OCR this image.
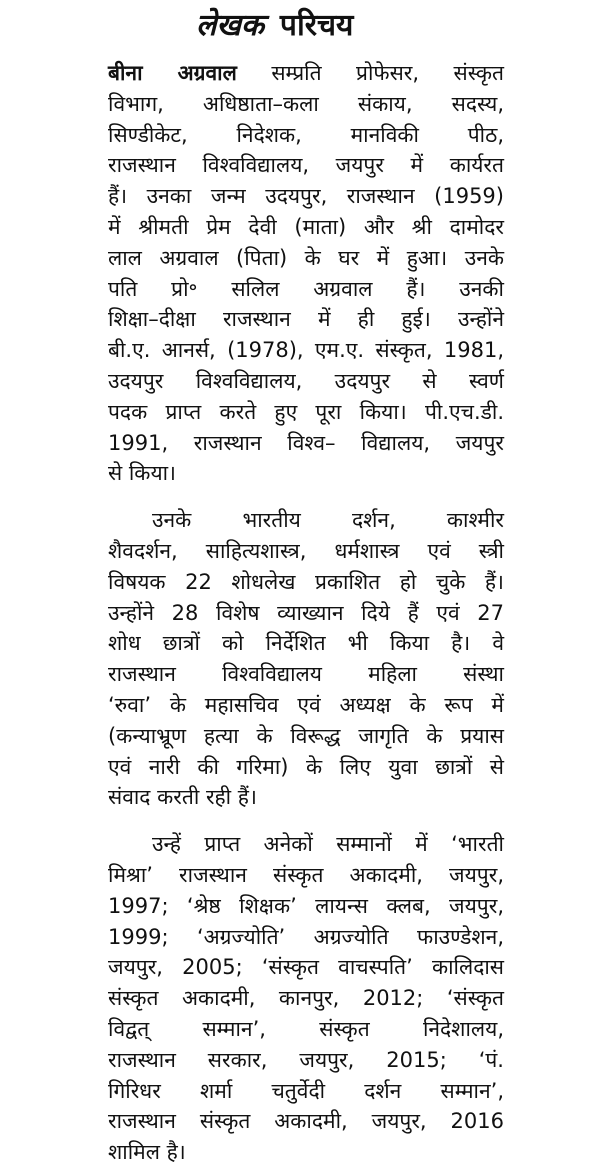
लेखक परिचय
बीना अग्रवाल सम्प्रति प्रोफेसर, संस्कृत
विभाग, अधिष्ठाता–कला संकाय, सदस्य,
सिण्डीकेट, निदेशक, मानविकी पीठ,
राजस्थान विश्वविद्यालय, जयपुर में कार्यरत
हैं। उनका जन्म उदयपुर, राजस्थान (1959)
में श्रीमती प्रेम देवी (माता) और श्री दामोदर
लाल अग्रवाल (पिता) के घर में हुआ। उनके
पति प्रो॰ सलिल अग्रवाल हैं। उनकी
शिक्षा–दीक्षा राजस्थान में ही हुई। उन्होंने
बी.ए. आनर्स, (1978), एम.ए. संस्कृत, 1981,
उदयपुर विश्वविद्यालय, उदयपुर से स्वर्ण
पदक प्राप्त करते हुए पूरा किया। पी.एच.डी.
1991, राजस्थान विश्व– विद्यालय, जयपुर
से किया।
उनके भारतीय दर्शन, काश्मीर
शैवदर्शन, साहित्यशास्त्र, धर्मशास्त्र एवं स्त्री
विषयक 22 शोधलेख प्रकाशित हो चुके हैं।
उन्होंने 28 विशेष व्याख्यान दिये हैं एवं 27
शोध छात्रों को निर्देशित भी किया है। वे
राजस्थान विश्वविद्यालय महिला संस्था
‘रुवा’ के महासचिव एवं अध्यक्ष के रूप में
(कन्याभ्रूण हत्या के विरूद्ध जागृति के प्रयास
एवं नारी की गरिमा) के लिए युवा छात्रों से
संवाद करती रही हैं।
उन्हें प्राप्त अनेकों सम्मानों में ‘भारती
मिश्रा’ राजस्थान संस्कृत अकादमी, जयपुर,
1997; ‘श्रेष्ठ शिक्षक’ लायन्स क्लब, जयपुर,
1999; ‘अग्रज्योति’ अग्रज्योति फाउण्डेशन,
जयपुर, 2005; ‘संस्कृत वाचस्पति’ कालिदास
संस्कृत अकादमी, कानपुर, 2012; ‘संस्कृत
विद्वत् सम्मान’, संस्कृत निदेशालय,
राजस्थान सरकार, जयपुर, 2015; ‘पं.
गिरिधर शर्मा चतुर्वेदी दर्शन सम्मान’,
राजस्थान संस्कृत अकादमी, जयपुर, 2016
शामिल है।
